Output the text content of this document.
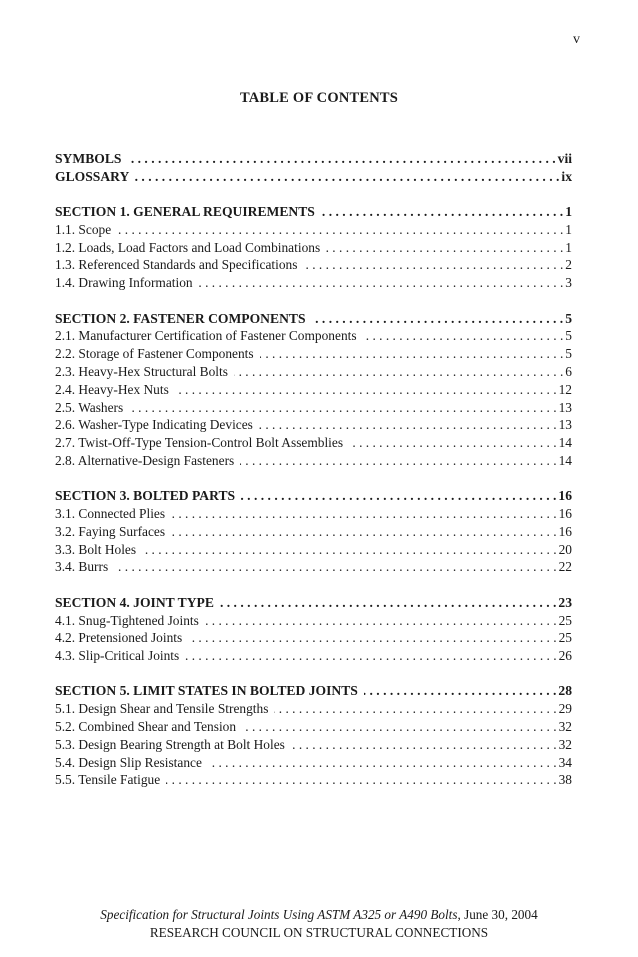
v
TABLE OF CONTENTS
SYMBOLS . . .	vii
GLOSSARY . . .	ix
SECTION 1. GENERAL REQUIREMENTS . . .	1
1.1. Scope . . .	1
1.2. Loads, Load Factors and Load Combinations . . .	1
1.3. Referenced Standards and Specifications . . .	2
1.4. Drawing Information . . .	3
SECTION 2. FASTENER COMPONENTS . . .	5
2.1. Manufacturer Certification of Fastener Components . . .	5
2.2. Storage of Fastener Components . . .	5
2.3. Heavy-Hex Structural Bolts . . .	6
2.4. Heavy-Hex Nuts . . .	12
2.5. Washers . . .	13
2.6. Washer-Type Indicating Devices . . .	13
2.7. Twist-Off-Type Tension-Control Bolt Assemblies . . .	14
2.8. Alternative-Design Fasteners . . .	14
SECTION 3. BOLTED PARTS . . .	16
3.1. Connected Plies . . .	16
3.2. Faying Surfaces . . .	16
3.3. Bolt Holes . . .	20
3.4. Burrs . . .	22
SECTION 4. JOINT TYPE . . .	23
4.1. Snug-Tightened Joints . . .	25
4.2. Pretensioned Joints . . .	25
4.3. Slip-Critical Joints . . .	26
SECTION 5. LIMIT STATES IN BOLTED JOINTS . . .	28
5.1. Design Shear and Tensile Strengths . . .	29
5.2. Combined Shear and Tension . . .	32
5.3. Design Bearing Strength at Bolt Holes . . .	32
5.4. Design Slip Resistance . . .	34
5.5. Tensile Fatigue . . .	38
Specification for Structural Joints Using ASTM A325 or A490 Bolts, June 30, 2004
RESEARCH COUNCIL ON STRUCTURAL CONNECTIONS
